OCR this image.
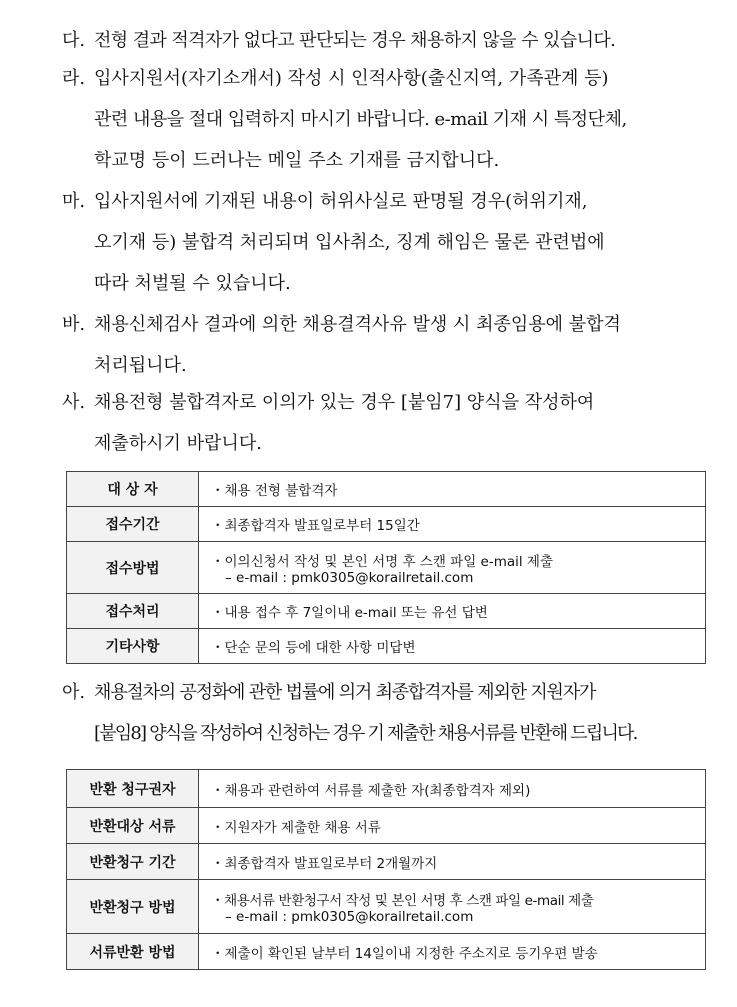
다. 전형 결과 적격자가 없다고 판단되는 경우 채용하지 않을 수 있습니다.
라. 입사지원서(자기소개서) 작성 시 인적사항(출신지역, 가족관계 등)
관련 내용을 절대 입력하지 마시기 바랍니다. e-mail 기재 시 특정단체,
학교명 등이 드러나는 메일 주소 기재를 금지합니다.
마. 입사지원서에 기재된 내용이 허위사실로 판명될 경우(허위기재,
오기재 등) 불합격 처리되며 입사취소, 징계 해임은 물론 관련법에
따라 처벌될 수 있습니다.
바. 채용신체검사 결과에 의한 채용결격사유 발생 시 최종임용에 불합격
처리됩니다.
사. 채용전형 불합격자로 이의가 있는 경우 [붙임7] 양식을 작성하여
제출하시기 바랍니다.
대 상 자	・채용 전형 불합격자
접수기간	・최종합격자 발표일로부터 15일간
접수방법	・이의신청서 작성 및 본인 서명 후 스캔 파일 e-mail 제출
– e-mail : pmk0305@korailretail.com

접수처리	・내용 접수 후 7일이내 e-mail 또는 유선 답변
기타사항	・단순 문의 등에 대한 사항 미답변
아. 채용절차의 공정화에 관한 법률에 의거 최종합격자를 제외한 지원자가
[붙임8] 양식을 작성하여 신청하는 경우 기 제출한 채용서류를 반환해 드립니다.
반환 청구권자	・채용과 관련하여 서류를 제출한 자(최종합격자 제외)
반환대상 서류	・지원자가 제출한 채용 서류
반환청구 기간	・최종합격자 발표일로부터 2개월까지
반환청구 방법	・채용서류 반환청구서 작성 및 본인 서명 후 스캔 파일 e-mail 제출
– e-mail : pmk0305@korailretail.com

서류반환 방법	・제출이 확인된 날부터 14일이내 지정한 주소지로 등기우편 발송
